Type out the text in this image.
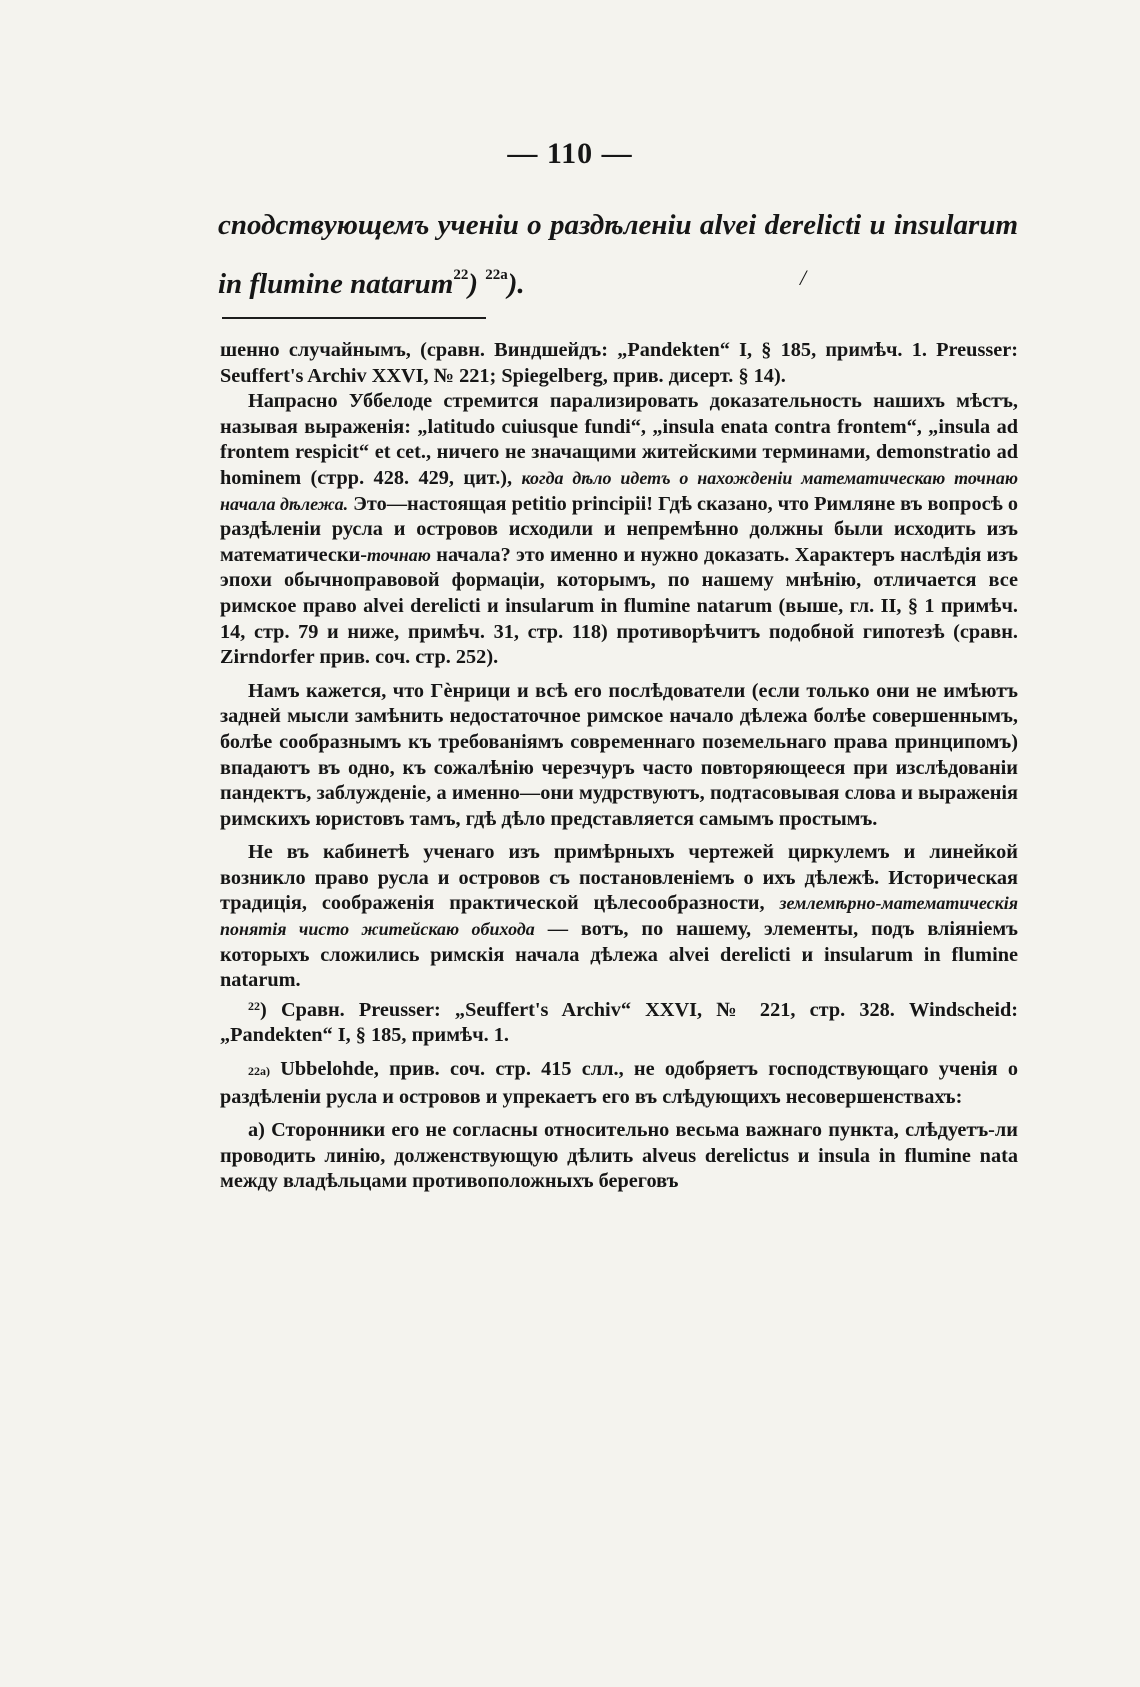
— 110 —
сподствующемъ ученіи о раздѣленіи alvei derelicti и insularum
in flumine natarum$^{22}$) $^{22a}$).	/

шенно случайнымъ, (сравн. Виндшейдъ: „Pandekten“ I, § 185, примѣч. 1. Preusser: Seuffert's Archiv XXVI, № 221; Spiegelberg, прив. дисерт. § 14).

Напрасно Уббелоде стремится парализировать доказательность нашихъ мѣстъ, называя выраженія: „latitudo cuiusque fundi“, „insula enata contra frontem“, „insula ad frontem respicit“ et cet., ничего не значащими житейскими терминами, demonstratio ad hominem (стрр. 428. 429, цит.), когда дѣло идетъ о нахожденіи математическаю точнаю начала дѣлежа. Это—настоящая petitio principii! Гдѣ сказано, что Римляне въ вопросѣ о раздѣленіи русла и островов исходили и непремѣнно должны были исходить изъ математически-точнаю начала? это именно и нужно доказать. Характеръ наслѣдія изъ эпохи обычноправовой формаціи, которымъ, по нашему мнѣнію, отличается все римское право alvei derelicti и insularum in flumine natarum (выше, гл. II, § 1 примѣч. 14, стр. 79 и ниже, примѣч. 31, стр. 118) противорѣчитъ подобной гипотезѣ (сравн. Zirndorfer прив. соч. стр. 252).

Намъ кажется, что Гѐнрици и всѣ его послѣдователи (если только они не имѣютъ задней мысли замѣнить недостаточное римское начало дѣлежа болѣе совершеннымъ, болѣе сообразнымъ къ требованіямъ современнаго поземельнаго права принципомъ) впадаютъ въ одно, къ сожалѣнію черезчуръ часто повторяющееся при изслѣдованіи пандектъ, заблужденіе, а именно—они мудрствуютъ, подтасовывая слова и выраженія римскихъ юристовъ тамъ, гдѣ дѣло представляется самымъ простымъ.

Не въ кабинетѣ ученаго изъ примѣрныхъ чертежей циркулемъ и линейкой возникло право русла и островов съ постановленіемъ о ихъ дѣлежѣ. Историческая традиція, соображенія практической цѣлесообразности, землемѣрно-математическія понятія чисто житейскаю обихода — вотъ, по нашему, элементы, подъ вліяніемъ которыхъ сложились римскія начала дѣлежа alvei derelicti и insularum in flumine natarum.

$^{22}$) Сравн. Preusser: „Seuffert's Archiv“ XXVI, № 221, стр. 328. Windscheid: „Pandekten“ I, § 185, примѣч. 1.

22a) Ubbelohde, прив. соч. стр. 415 слл., не одобряетъ господствующаго ученія о раздѣленіи русла и островов и упрекаетъ его въ слѣдующихъ несовершенствахъ:

а) Сторонники его не согласны относительно весьма важнаго пункта, слѣдуетъ-ли проводить линію, долженствующую дѣлить alveus derelictus и insula in flumine nata между владѣльцами противоположныхъ береговъ
